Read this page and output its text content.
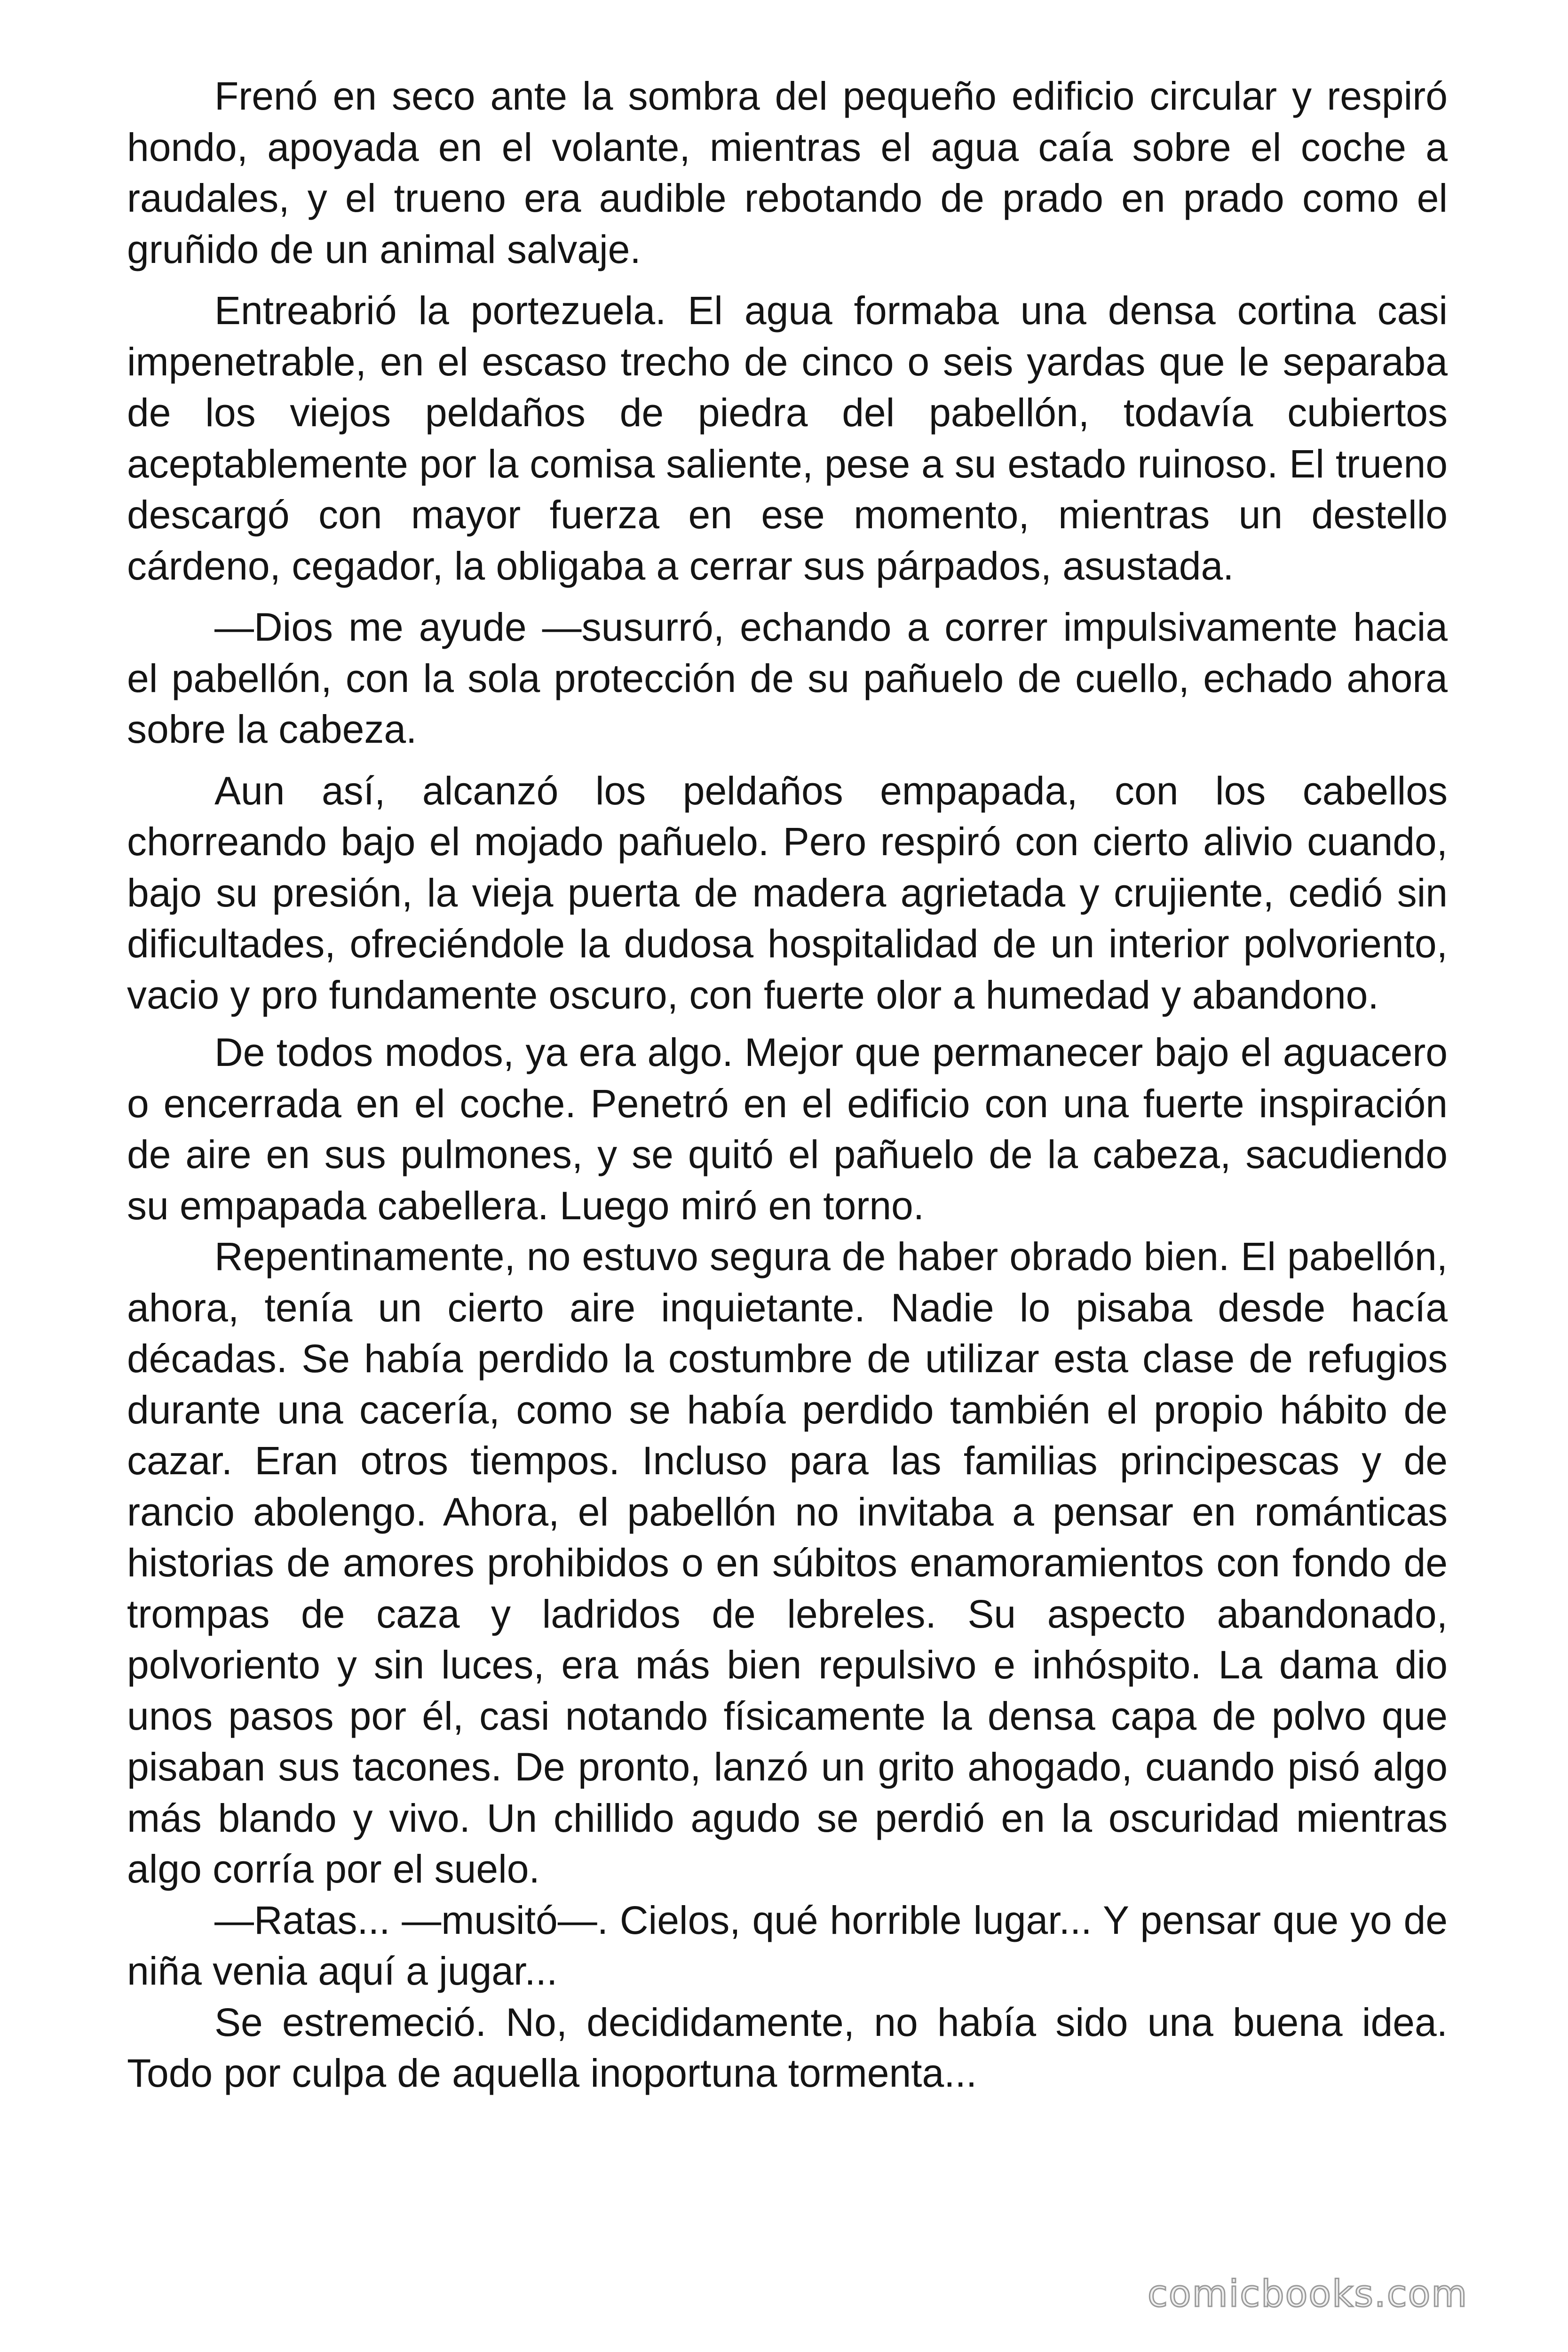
Frenó en seco ante la sombra del pequeño edificio circular y respiró hondo, apoyada en el volante, mientras el agua caía sobre el coche a raudales, y el trueno era audible rebotando de prado en prado como el gruñido de un animal salvaje.

Entreabrió la portezuela. El agua formaba una densa cortina casi impenetrable, en el escaso trecho de cinco o seis yardas que le separaba de los viejos peldaños de piedra del pabellón, todavía cubiertos aceptablemente por la comisa saliente, pese a su estado ruinoso. El trueno descargó con mayor fuerza en ese momento, mientras un destello cárdeno, cegador, la obligaba a cerrar sus párpados, asustada.

—Dios me ayude —susurró, echando a correr impulsivamente hacia el pabellón, con la sola protección de su pañuelo de cuello, echado ahora sobre la cabeza.

Aun así, alcanzó los peldaños empapada, con los cabellos chorreando bajo el mojado pañuelo. Pero respiró con cierto alivio cuando, bajo su presión, la vieja puerta de madera agrietada y crujiente, cedió sin dificultades, ofreciéndole la dudosa hospitalidad de un interior polvoriento, vacio y pro fundamente oscuro, con fuerte olor a humedad y abandono.

De todos modos, ya era algo. Mejor que permanecer bajo el aguacero o encerrada en el coche. Penetró en el edificio con una fuerte inspiración de aire en sus pulmones, y se quitó el pañuelo de la cabeza, sacudiendo su empapada cabellera. Luego miró en torno.

Repentinamente, no estuvo segura de haber obrado bien. El pabellón, ahora, tenía un cierto aire inquietante. Nadie lo pisaba desde hacía décadas. Se había perdido la costumbre de utilizar esta clase de refugios durante una cacería, como se había perdido también el propio hábito de cazar. Eran otros tiempos. Incluso para las familias principescas y de rancio abolengo. Ahora, el pabellón no invitaba a pensar en románticas historias de amores prohibidos o en súbitos enamoramientos con fondo de trompas de caza y ladridos de lebreles. Su aspecto abandonado, polvoriento y sin luces, era más bien repulsivo e inhóspito. La dama dio unos pasos por él, casi notando físicamente la densa capa de polvo que pisaban sus tacones. De pronto, lanzó un grito ahogado, cuando pisó algo más blando y vivo. Un chillido agudo se perdió en la oscuridad mientras algo corría por el suelo.

—Ratas... —musitó—. Cielos, qué horrible lugar... Y pensar que yo de niña venia aquí a jugar...

Se estremeció. No, decididamente, no había sido una buena idea. Todo por culpa de aquella inoportuna tormenta...

comicbooks.com
